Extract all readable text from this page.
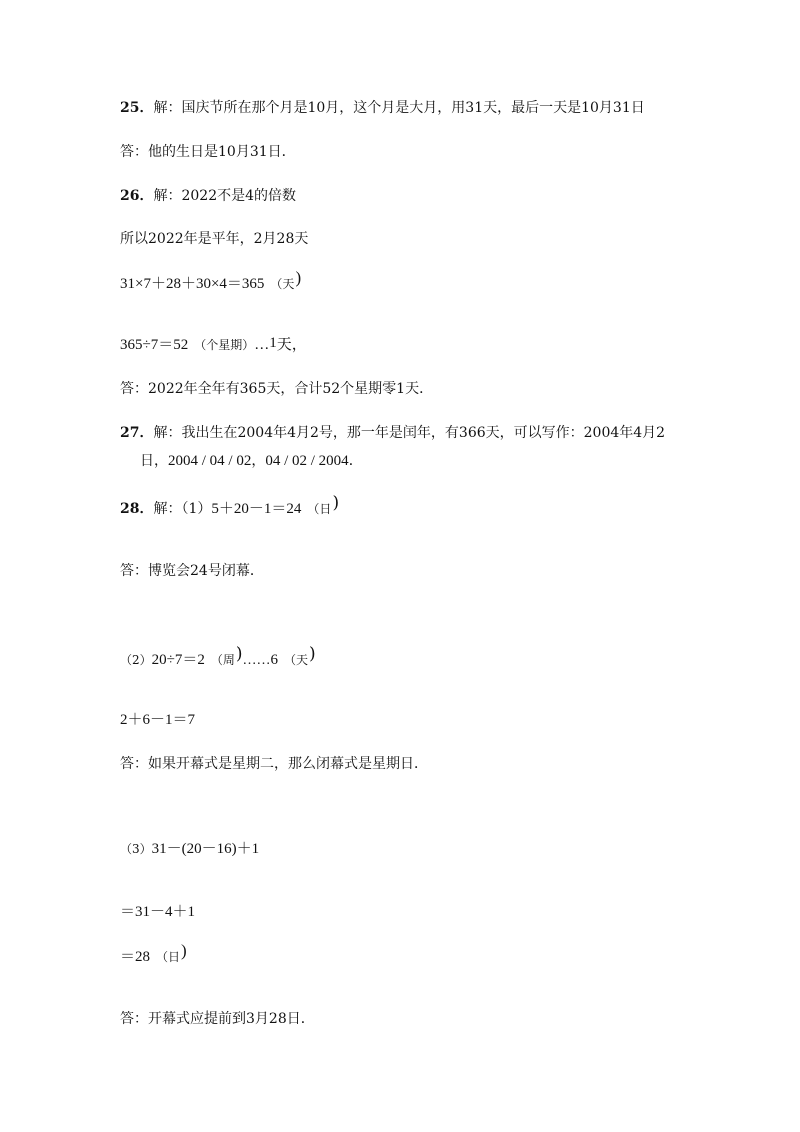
25．解：国庆节所在那个月是10月，这个月是大月，用31天，最后一天是10月31日
答：他的生日是10月31日．
26．解：2022不是4的倍数
所以2022年是平年，2月28天
31×7＋28＋30×4＝365 （天)
365÷7＝52 （个星期）…1天，
答：2022年全年有365天，合计52个星期零1天．
27．解：我出生在2004年4月2号，那一年是闰年，有366天，可以写作：2004年4月2
日，2004 / 04 / 02，04 / 02 / 2004．
28．解：（1）5＋20－1＝24 （日)
答：博览会24号闭幕．
（2）20÷7＝2 （周)……6 （天)
2＋6－1＝7
答：如果开幕式是星期二，那么闭幕式是星期日．
（3）31－(20－16)＋1
＝31－4＋1
＝28 （日)
答：开幕式应提前到3月28日．
